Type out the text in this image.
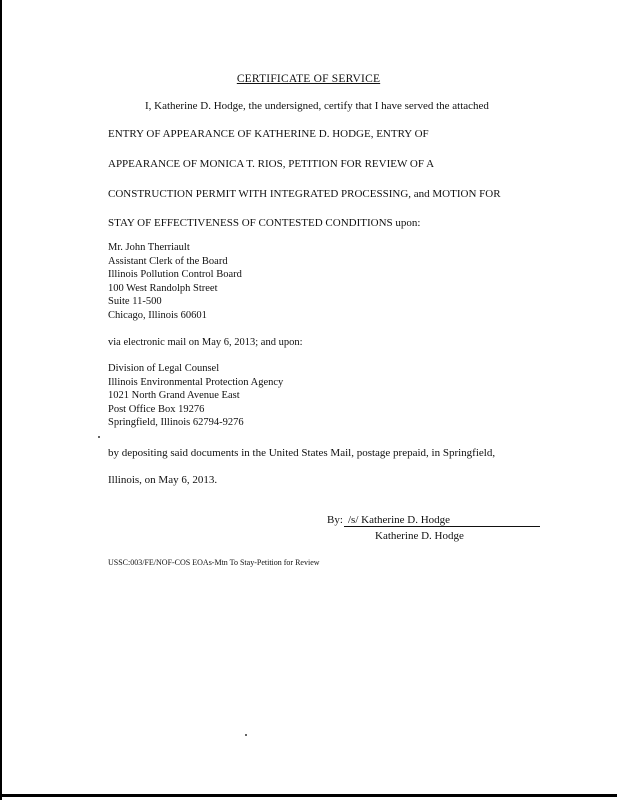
CERTIFICATE OF SERVICE
I, Katherine D. Hodge, the undersigned, certify that I have served the attached
ENTRY OF APPEARANCE OF KATHERINE D. HODGE, ENTRY OF
APPEARANCE OF MONICA T. RIOS, PETITION FOR REVIEW OF A
CONSTRUCTION PERMIT WITH INTEGRATED PROCESSING, and MOTION FOR
STAY OF EFFECTIVENESS OF CONTESTED CONDITIONS upon:
Mr. John Therriault
Assistant Clerk of the Board
Illinois Pollution Control Board
100 West Randolph Street
Suite 11-500
Chicago, Illinois 60601
via electronic mail on May 6, 2013; and upon:
Division of Legal Counsel
Illinois Environmental Protection Agency
1021 North Grand Avenue East
Post Office Box 19276
Springfield, Illinois 62794-9276
by depositing said documents in the United States Mail, postage prepaid, in Springfield,
Illinois, on May 6, 2013.
By: /s/ Katherine D. Hodge
Katherine D. Hodge
USSC:003/FE/NOF-COS EOAs-Mtn To Stay-Petition for Review
